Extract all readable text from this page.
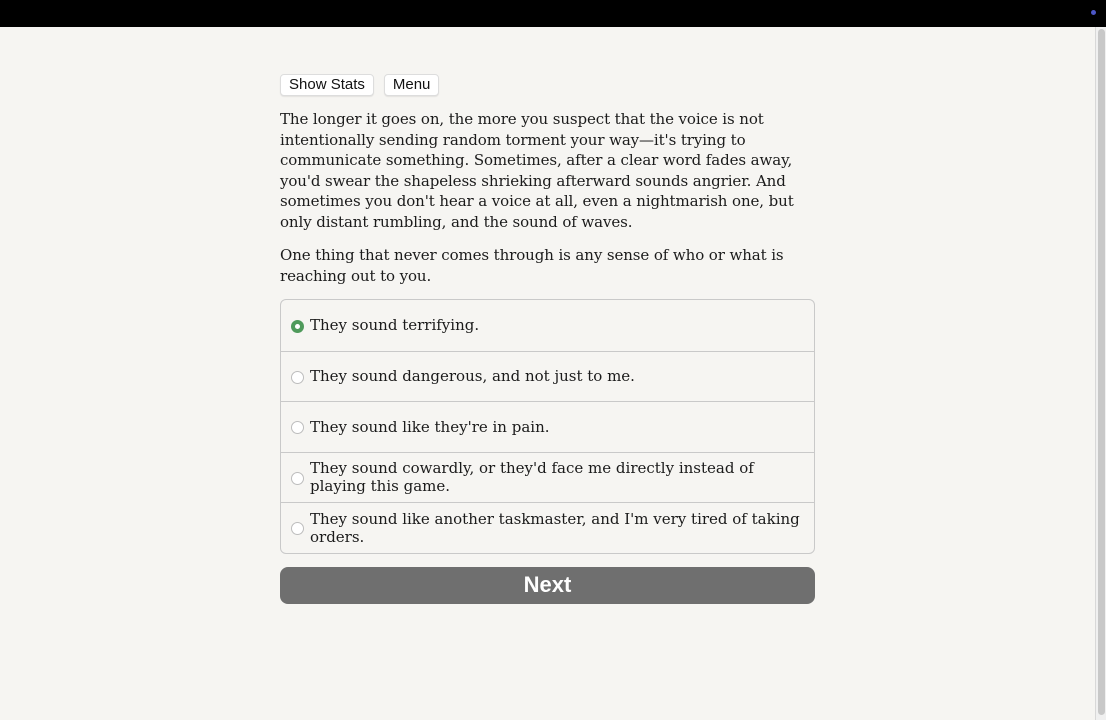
Show Stats	Menu

The longer it goes on, the more you suspect that the voice is not intentionally sending random torment your way—it's trying to communicate something. Sometimes, after a clear word fades away, you'd swear the shapeless shrieking afterward sounds angrier. And sometimes you don't hear a voice at all, even a nightmarish one, but only distant rumbling, and the sound of waves.

One thing that never comes through is any sense of who or what is reaching out to you.

They sound terrifying.
They sound dangerous, and not just to me.
They sound like they're in pain.
They sound cowardly, or they'd face me directly instead of playing this game.
They sound like another taskmaster, and I'm very tired of taking orders.
Next
